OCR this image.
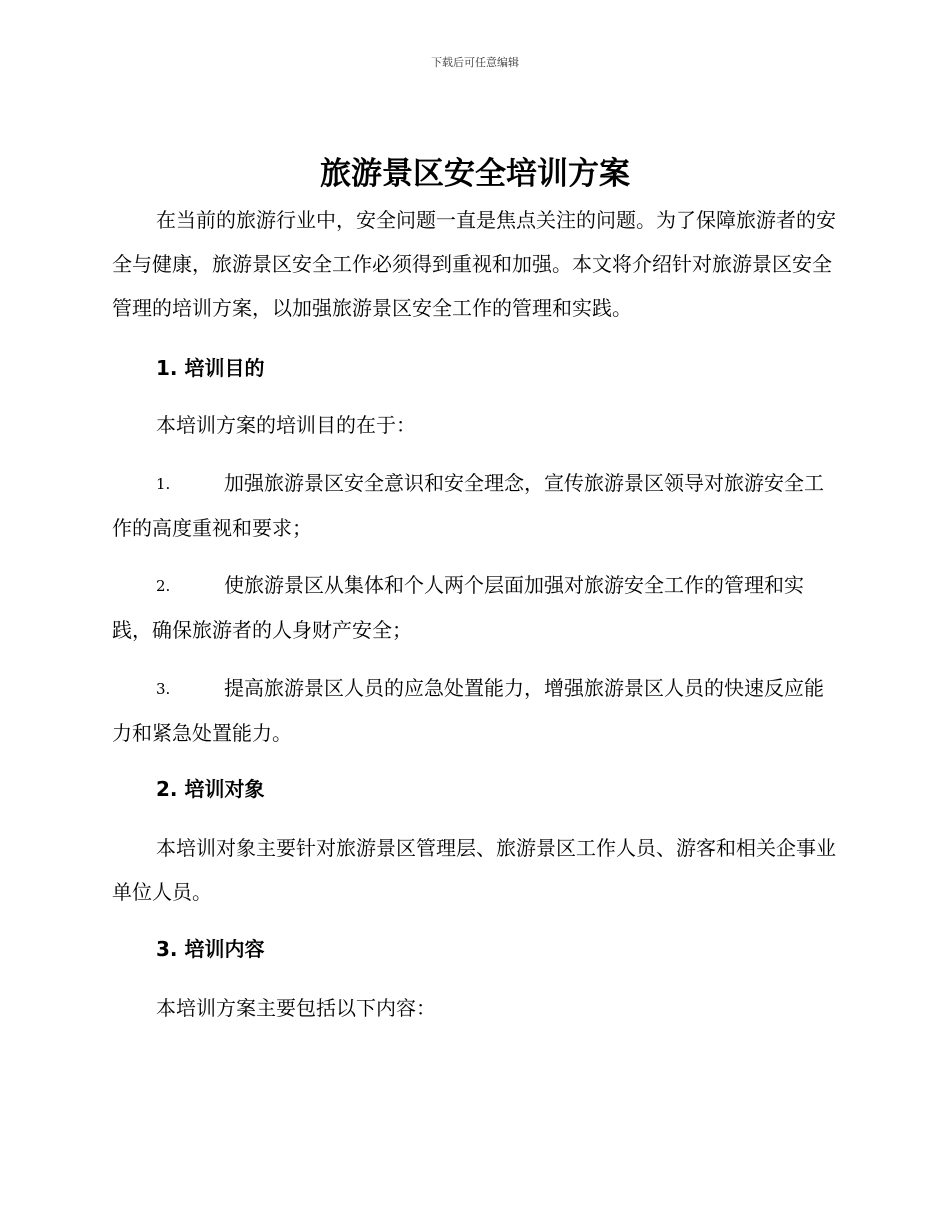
下载后可任意编辑
旅游景区安全培训方案
在当前的旅游行业中，安全问题一直是焦点关注的问题。为了保障旅游者的安全与健康，旅游景区安全工作必须得到重视和加强。本文将介绍针对旅游景区安全管理的培训方案，以加强旅游景区安全工作的管理和实践。
1. 培训目的
本培训方案的培训目的在于：
1.	加强旅游景区安全意识和安全理念，宣传旅游景区领导对旅游安全工作的高度重视和要求；
2.	使旅游景区从集体和个人两个层面加强对旅游安全工作的管理和实践，确保旅游者的人身财产安全；
3.	提高旅游景区人员的应急处置能力，增强旅游景区人员的快速反应能力和紧急处置能力。
2. 培训对象
本培训对象主要针对旅游景区管理层、旅游景区工作人员、游客和相关企事业单位人员。
3. 培训内容
本培训方案主要包括以下内容：
